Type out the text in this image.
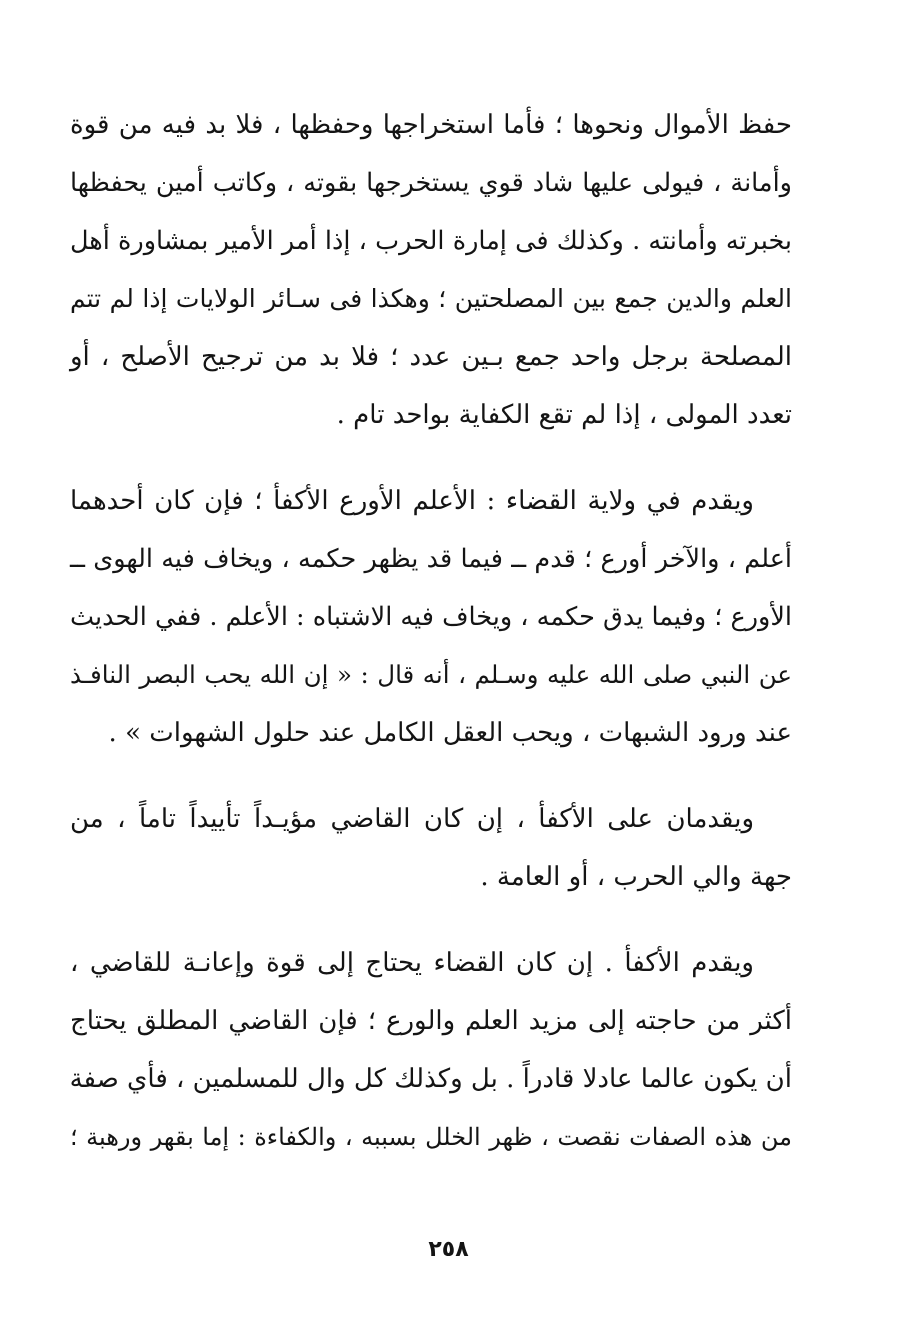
حفظ الأموال ونحوها ؛ فأما استخراجها وحفظها ، فلا بد فيه من قوة
وأمانة ، فيولى عليها شاد قوي يستخرجها بقوته ، وكاتب أمين يحفظها
بخبرته وأمانته . وكذلك فى إمارة الحرب ، إذا أمر الأمير بمشاورة أهل
العلم والدين جمع بين المصلحتين ؛ وهكذا فى سـائر الولايات إذا لم تتم
المصلحة برجل واحد جمع بـين عدد ؛ فلا بد من ترجيح الأصلح ، أو
تعدد المولى ، إذا لم تقع الكفاية بواحد تام .
ويقدم في ولاية القضاء : الأعلم الأورع الأكفأ ؛ فإن كان أحدهما
أعلم ، والآخر أورع ؛ قدم ــ فيما قد يظهر حكمه ، ويخاف فيه الهوى ــ
الأورع ؛ وفيما يدق حكمه ، ويخاف فيه الاشتباه : الأعلم . ففي الحديث
عن النبي صلى الله عليه وسـلم ، أنه قال : « إن الله يحب البصر النافـذ
عند ورود الشبهات ، ويحب العقل الكامل عند حلول الشهوات » .
ويقدمان على الأكفأ ، إن كان القاضي مؤيـداً تأييداً تاماً ، من
جهة والي الحرب ، أو العامة .
ويقدم الأكفأ . إن كان القضاء يحتاج إلى قوة وإعانـة للقاضي ،
أكثر من حاجته إلى مزيد العلم والورع ؛ فإن القاضي المطلق يحتاج
أن يكون عالما عادلا قادراً . بل وكذلك كل وال للمسلمين ، فأي صفة
من هذه الصفات نقصت ، ظهر الخلل بسببه ، والكفاءة : إما بقهر ورهبة ؛
٢٥٨
